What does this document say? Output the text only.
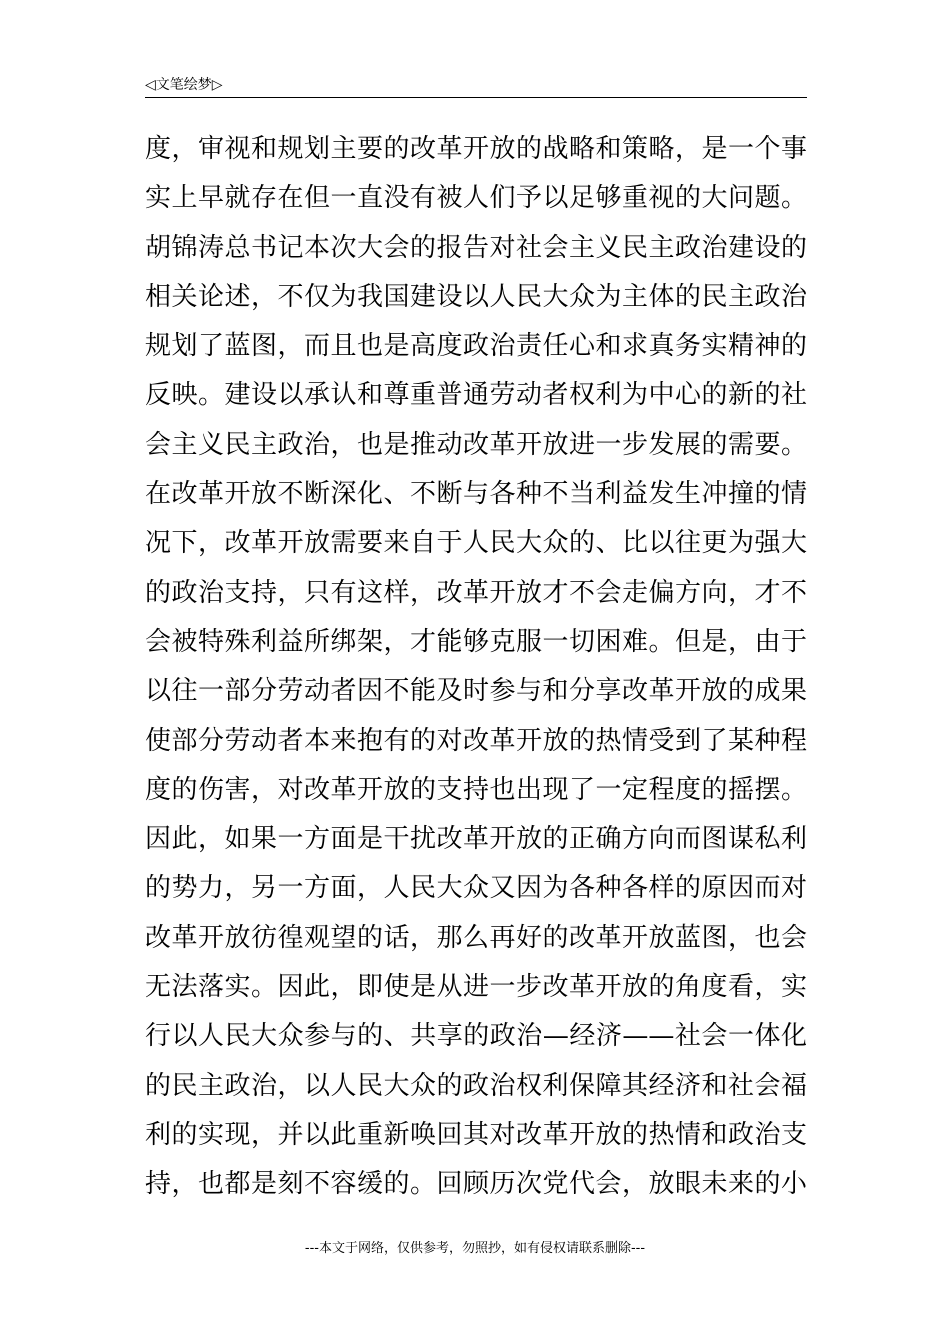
◁文笔绘梦▷
度，审视和规划主要的改革开放的战略和策略，是一个事
实上早就存在但一直没有被人们予以足够重视的大问题。
胡锦涛总书记本次大会的报告对社会主义民主政治建设的
相关论述，不仅为我国建设以人民大众为主体的民主政治
规划了蓝图，而且也是高度政治责任心和求真务实精神的
反映。建设以承认和尊重普通劳动者权利为中心的新的社
会主义民主政治，也是推动改革开放进一步发展的需要。
在改革开放不断深化、不断与各种不当利益发生冲撞的情
况下，改革开放需要来自于人民大众的、比以往更为强大
的政治支持，只有这样，改革开放才不会走偏方向，才不
会被特殊利益所绑架，才能够克服一切困难。但是，由于
以往一部分劳动者因不能及时参与和分享改革开放的成果
使部分劳动者本来抱有的对改革开放的热情受到了某种程
度的伤害，对改革开放的支持也出现了一定程度的摇摆。
因此，如果一方面是干扰改革开放的正确方向而图谋私利
的势力，另一方面，人民大众又因为各种各样的原因而对
改革开放彷徨观望的话，那么再好的改革开放蓝图，也会
无法落实。因此，即使是从进一步改革开放的角度看，实
行以人民大众参与的、共享的政治—经济——社会一体化
的民主政治，以人民大众的政治权利保障其经济和社会福
利的实现，并以此重新唤回其对改革开放的热情和政治支
持，也都是刻不容缓的。回顾历次党代会，放眼未来的小
---本文于网络，仅供参考，勿照抄，如有侵权请联系删除---
